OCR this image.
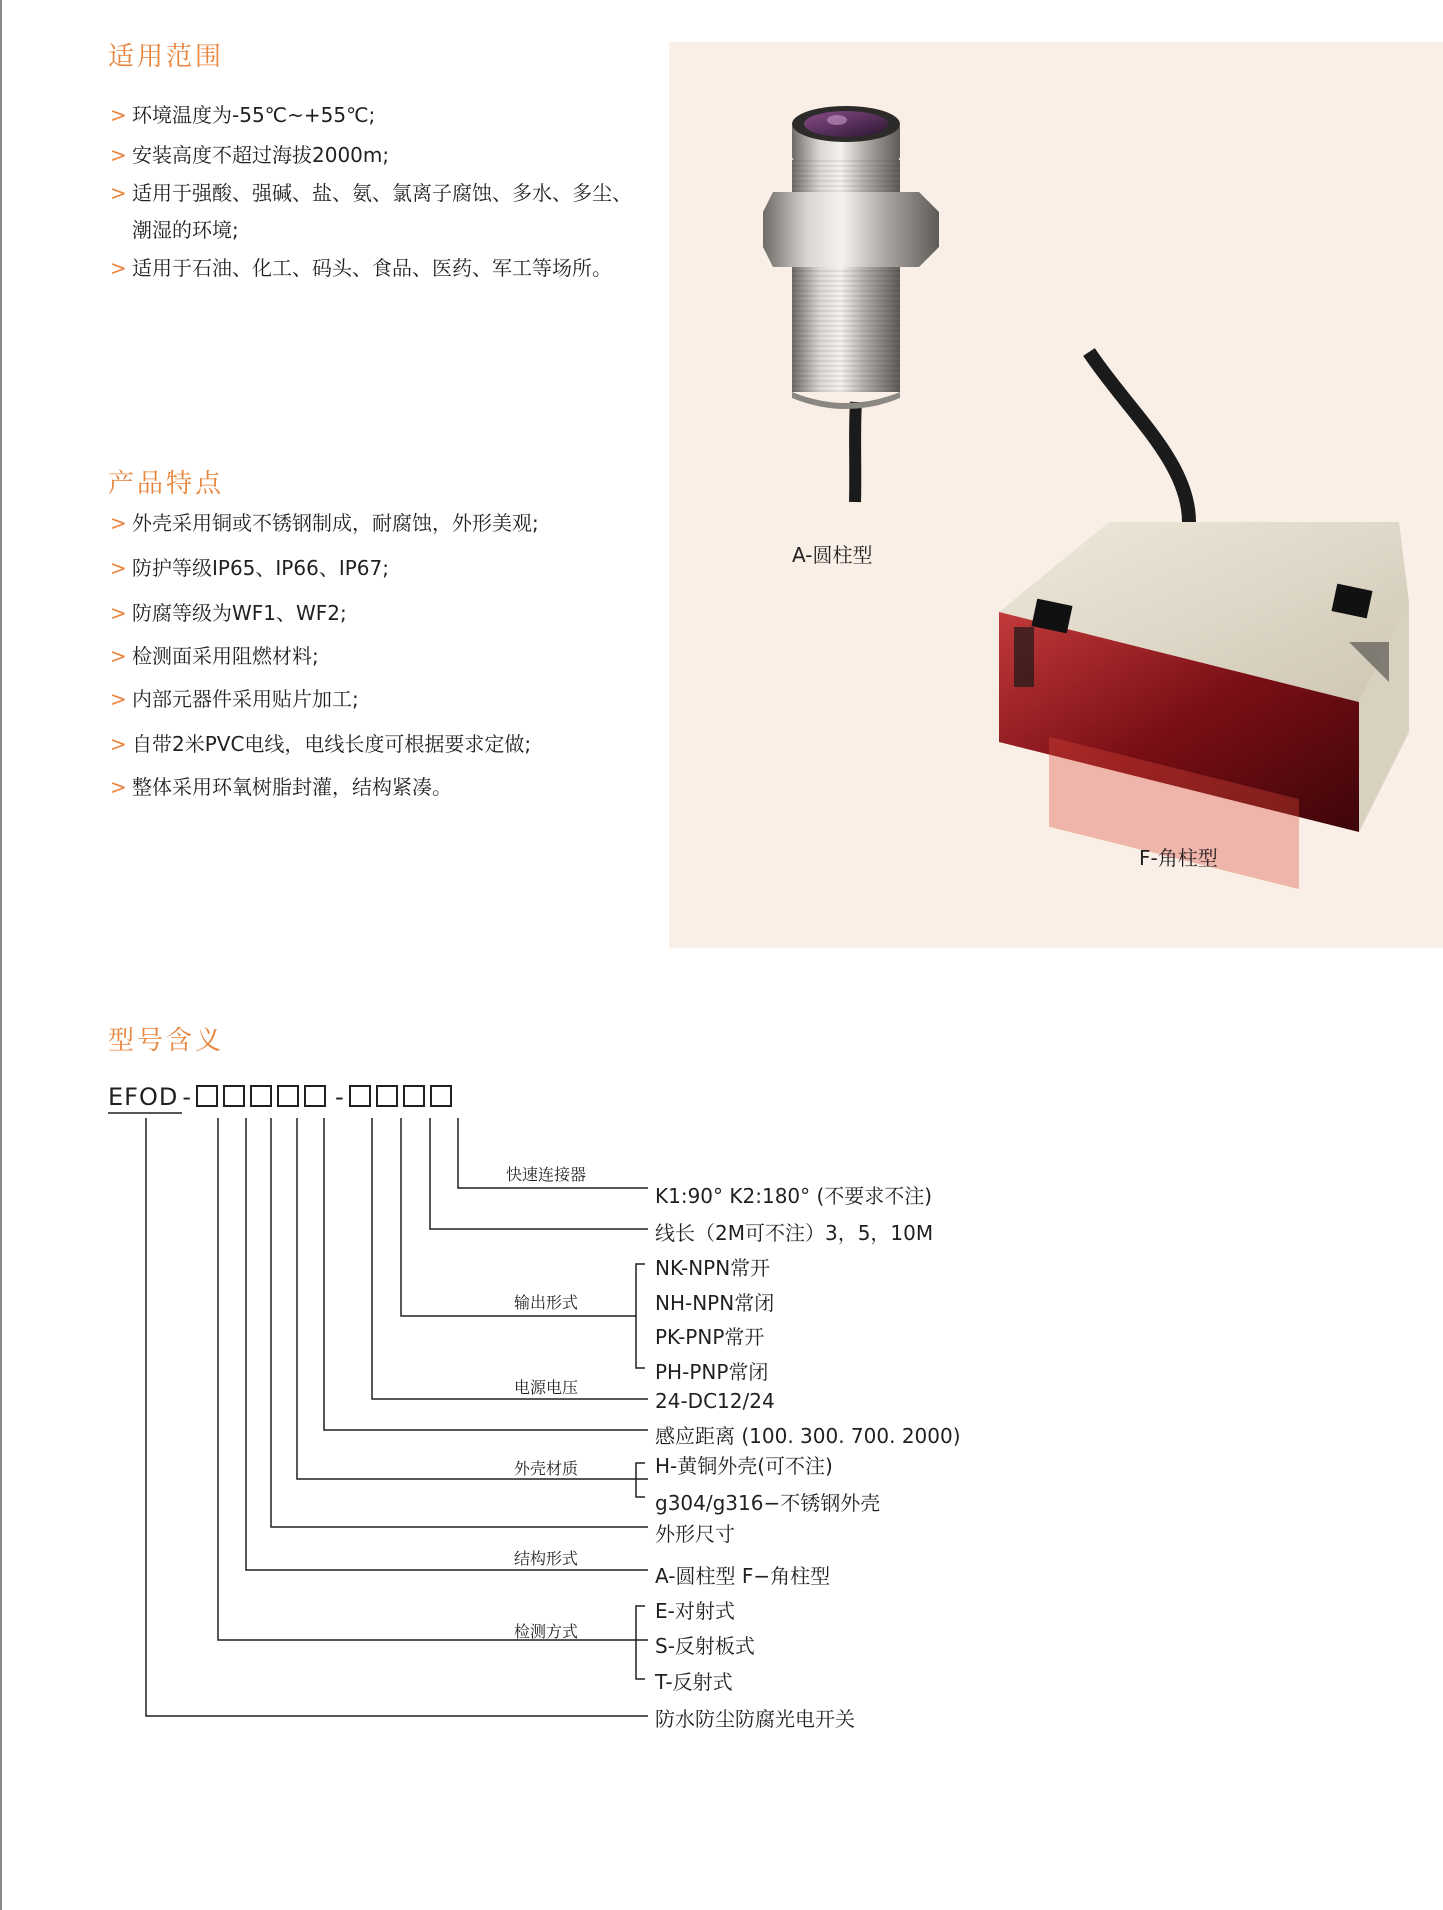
适用范围
> 环境温度为-55℃~+55℃;
> 安装高度不超过海拔2000m;
> 适用于强酸、强碱、盐、氨、氯离子腐蚀、多水、多尘、潮湿的环境;
> 适用于石油、化工、码头、食品、医药、军工等场所。
产品特点
> 外壳采用铜或不锈钢制成，耐腐蚀，外形美观;
> 防护等级IP65、IP66、IP67;
> 防腐等级为WF1、WF2;
> 检测面采用阻燃材料;
> 内部元器件采用贴片加工;
> 自带2米PVC电线，电线长度可根据要求定做;
> 整体采用环氧树脂封灌，结构紧凑。
A-圆柱型
F-角柱型
型号含义
EFOD -	-
快速连接器
输出形式
电源电压
外壳材质
结构形式
检测方式
K1:90° K2:180° (不要求不注)
线长（2M可不注）3，5，10M
NK-NPN常开
NH-NPN常闭
PK-PNP常开
PH-PNP常闭
24-DC12/24
感应距离 (100. 300. 700. 2000)
H-黄铜外壳(可不注)
g304/g316−不锈钢外壳
外形尺寸
A-圆柱型 F−角柱型
E-对射式
S-反射板式
T-反射式
防水防尘防腐光电开关
